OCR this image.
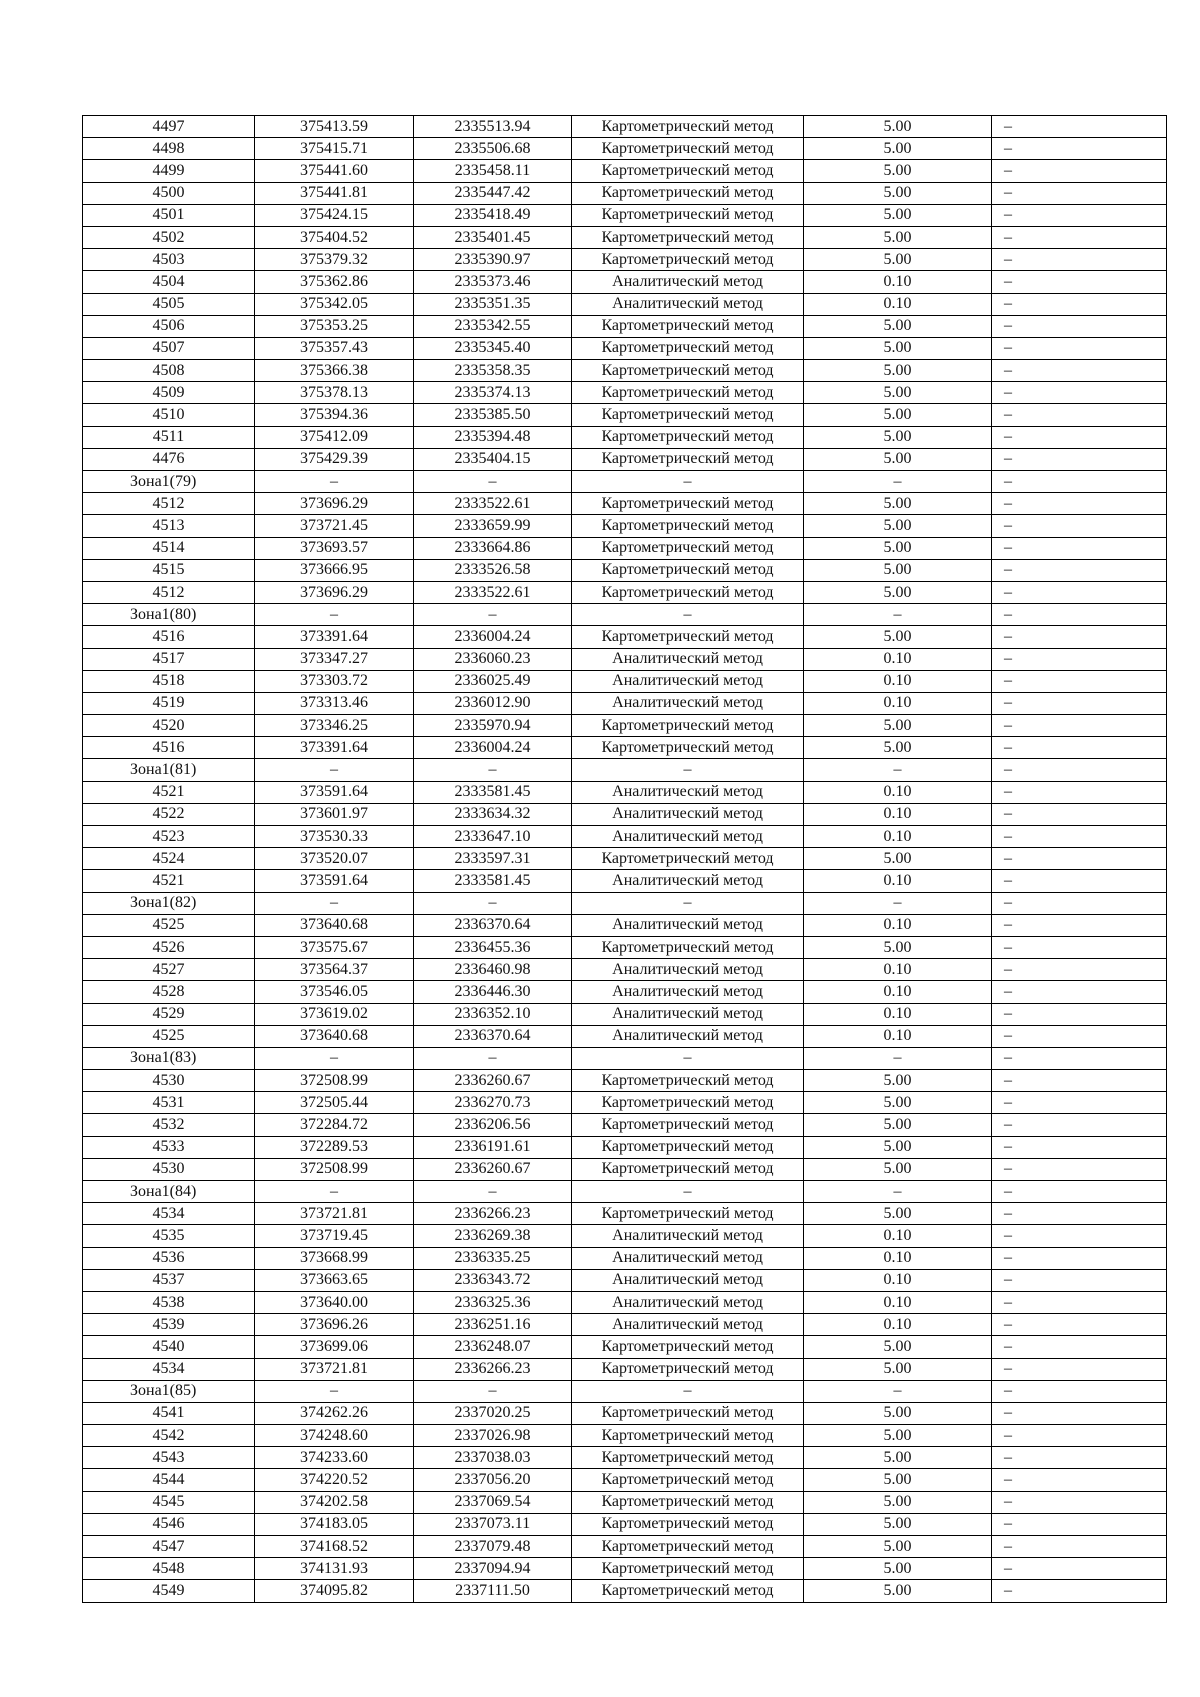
4497	375413.59	2335513.94	Картометрический метод	5.00	–
4498	375415.71	2335506.68	Картометрический метод	5.00	–
4499	375441.60	2335458.11	Картометрический метод	5.00	–
4500	375441.81	2335447.42	Картометрический метод	5.00	–
4501	375424.15	2335418.49	Картометрический метод	5.00	–
4502	375404.52	2335401.45	Картометрический метод	5.00	–
4503	375379.32	2335390.97	Картометрический метод	5.00	–
4504	375362.86	2335373.46	Аналитический метод	0.10	–
4505	375342.05	2335351.35	Аналитический метод	0.10	–
4506	375353.25	2335342.55	Картометрический метод	5.00	–
4507	375357.43	2335345.40	Картометрический метод	5.00	–
4508	375366.38	2335358.35	Картометрический метод	5.00	–
4509	375378.13	2335374.13	Картометрический метод	5.00	–
4510	375394.36	2335385.50	Картометрический метод	5.00	–
4511	375412.09	2335394.48	Картометрический метод	5.00	–
4476	375429.39	2335404.15	Картометрический метод	5.00	–
Зона1(79)	–	–	–	–	–
4512	373696.29	2333522.61	Картометрический метод	5.00	–
4513	373721.45	2333659.99	Картометрический метод	5.00	–
4514	373693.57	2333664.86	Картометрический метод	5.00	–
4515	373666.95	2333526.58	Картометрический метод	5.00	–
4512	373696.29	2333522.61	Картометрический метод	5.00	–
Зона1(80)	–	–	–	–	–
4516	373391.64	2336004.24	Картометрический метод	5.00	–
4517	373347.27	2336060.23	Аналитический метод	0.10	–
4518	373303.72	2336025.49	Аналитический метод	0.10	–
4519	373313.46	2336012.90	Аналитический метод	0.10	–
4520	373346.25	2335970.94	Картометрический метод	5.00	–
4516	373391.64	2336004.24	Картометрический метод	5.00	–
Зона1(81)	–	–	–	–	–
4521	373591.64	2333581.45	Аналитический метод	0.10	–
4522	373601.97	2333634.32	Аналитический метод	0.10	–
4523	373530.33	2333647.10	Аналитический метод	0.10	–
4524	373520.07	2333597.31	Картометрический метод	5.00	–
4521	373591.64	2333581.45	Аналитический метод	0.10	–
Зона1(82)	–	–	–	–	–
4525	373640.68	2336370.64	Аналитический метод	0.10	–
4526	373575.67	2336455.36	Картометрический метод	5.00	–
4527	373564.37	2336460.98	Аналитический метод	0.10	–
4528	373546.05	2336446.30	Аналитический метод	0.10	–
4529	373619.02	2336352.10	Аналитический метод	0.10	–
4525	373640.68	2336370.64	Аналитический метод	0.10	–
Зона1(83)	–	–	–	–	–
4530	372508.99	2336260.67	Картометрический метод	5.00	–
4531	372505.44	2336270.73	Картометрический метод	5.00	–
4532	372284.72	2336206.56	Картометрический метод	5.00	–
4533	372289.53	2336191.61	Картометрический метод	5.00	–
4530	372508.99	2336260.67	Картометрический метод	5.00	–
Зона1(84)	–	–	–	–	–
4534	373721.81	2336266.23	Картометрический метод	5.00	–
4535	373719.45	2336269.38	Аналитический метод	0.10	–
4536	373668.99	2336335.25	Аналитический метод	0.10	–
4537	373663.65	2336343.72	Аналитический метод	0.10	–
4538	373640.00	2336325.36	Аналитический метод	0.10	–
4539	373696.26	2336251.16	Аналитический метод	0.10	–
4540	373699.06	2336248.07	Картометрический метод	5.00	–
4534	373721.81	2336266.23	Картометрический метод	5.00	–
Зона1(85)	–	–	–	–	–
4541	374262.26	2337020.25	Картометрический метод	5.00	–
4542	374248.60	2337026.98	Картометрический метод	5.00	–
4543	374233.60	2337038.03	Картометрический метод	5.00	–
4544	374220.52	2337056.20	Картометрический метод	5.00	–
4545	374202.58	2337069.54	Картометрический метод	5.00	–
4546	374183.05	2337073.11	Картометрический метод	5.00	–
4547	374168.52	2337079.48	Картометрический метод	5.00	–
4548	374131.93	2337094.94	Картометрический метод	5.00	–
4549	374095.82	2337111.50	Картометрический метод	5.00	–
